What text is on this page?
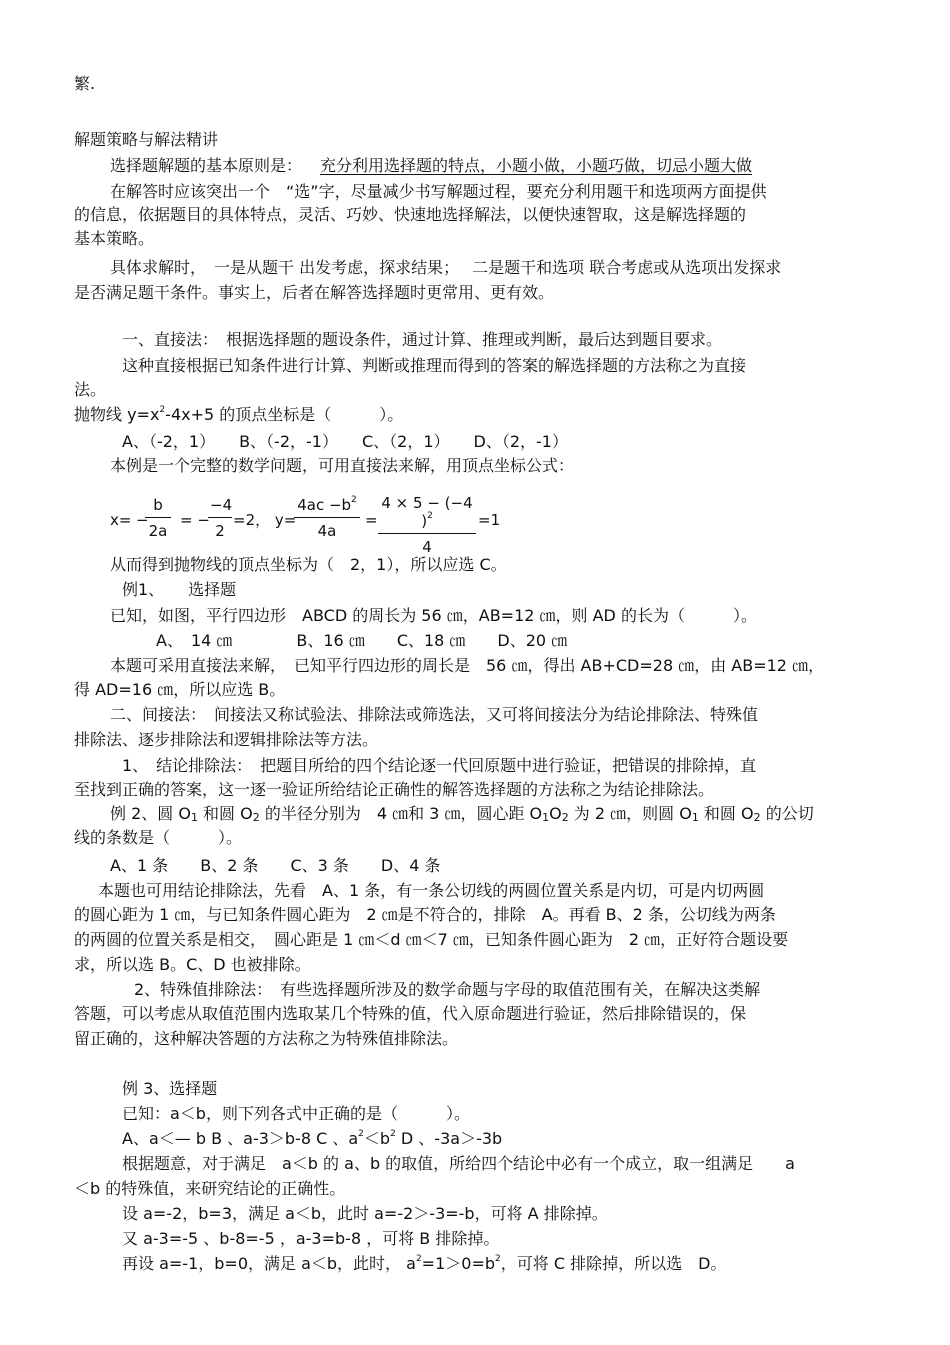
繁.
解题策略与解法精讲
选择题解题的基本原则是： 充分利用选择题的特点，小题小做，小题巧做，切忌小题大做
在解答时应该突出一个　“选”字，尽量减少书写解题过程，要充分利用题干和选项两方面提供
的信息，依据题目的具体特点，灵活、巧妙、快速地选择解法，以便快速智取，这是解选择题的
基本策略。
具体求解时，　一是从题干 出发考虑，探求结果；　 二是题干和选项 联合考虑或从选项出发探求
是否满足题干条件。事实上，后者在解答选择题时更常用、更有效。
一、直接法：　根据选择题的题设条件，通过计算、推理或判断，最后达到题目要求。
这种直接根据已知条件进行计算、判断或推理而得到的答案的解选择题的方法称之为直接
法。
抛物线 $y=x^2-4x+5$ 的顶点坐标是（　　　）。
A、（-2，1）　　B、（-2，-1）　　C、（2，1）　　D、（2，-1）
本例是一个完整的数学问题，可用直接法来解，用顶点坐标公式：
x= −
$\frac{b}{2a}$ = −
$\frac{-4}{2} =2$， y=
$\frac{4ac -b^2}{4a} = \frac{4 \times 5 - (-4 )^2}{4} =1$
从而得到抛物线的顶点坐标为（　2，1），所以应选 C。
例1、　　选择题
已知，如图，平行四边形　ABCD 的周长为 56 ㎝，AB=12 ㎝，则 AD 的长为（　　　）。
A、　14 ㎝　　　　B、16 ㎝　　C、18 ㎝　　D、20 ㎝
本题可采用直接法来解，　已知平行四边形的周长是　56 ㎝，得出 AB+CD=28 ㎝，由 AB=12 ㎝，
得 AD=16 ㎝，所以应选 B。
二、间接法：　间接法又称试验法、排除法或筛选法，又可将间接法分为结论排除法、特殊值
排除法、逐步排除法和逻辑排除法等方法。
1、　结论排除法：　把题目所给的四个结论逐一代回原题中进行验证，把错误的排除掉，直
至找到正确的答案，这一逐一验证所给结论正确性的解答选择题的方法称之为结论排除法。
例 2、圆 $O_1$ 和圆 $O_2$ 的半径分别为　4 ㎝和 3 ㎝，圆心距 $O_1O_2$ 为 2 ㎝，则圆 $O_1$ 和圆 $O_2$ 的公切
线的条数是（　　　）。
A、1 条　　B、2 条　　C、3 条　　D、4 条
本题也可用结论排除法，先看　A、1 条，有一条公切线的两圆位置关系是内切，可是内切两圆
的圆心距为 1 ㎝，与已知条件圆心距为　2 ㎝是不符合的，排除　A。再看 B、2 条，公切线为两条
的两圆的位置关系是相交，　圆心距是 1 ㎝＜d ㎝＜7 ㎝，已知条件圆心距为　2 ㎝，正好符合题设要
求，所以选 B。C、D 也被排除。
2、特殊值排除法：　有些选择题所涉及的数学命题与字母的取值范围有关，在解决这类解
答题，可以考虑从取值范围内选取某几个特殊的值，代入原命题进行验证，然后排除错误的，保
留正确的，这种解决答题的方法称之为特殊值排除法。
例 3、选择题
已知：a＜b，则下列各式中正确的是（　　　）。
A、a＜— b B 、a-3＞b-8 C 、$a^2<b^2$ D 、-3a＞-3b
根据题意，对于满足　a＜b 的 a、b 的取值，所给四个结论中必有一个成立，取一组满足　　a
＜b 的特殊值，来研究结论的正确性。
设 a=-2，b=3，满足 a＜b，此时 a=-2＞-3=-b，可将 A 排除掉。
又 a-3=-5 、b-8=-5 ，a-3=b-8 ，可将 B 排除掉。
再设 a=-1，b=0，满足 a＜b，此时， $a^2=1>0=b^2$，可将 C 排除掉，所以选　D。
